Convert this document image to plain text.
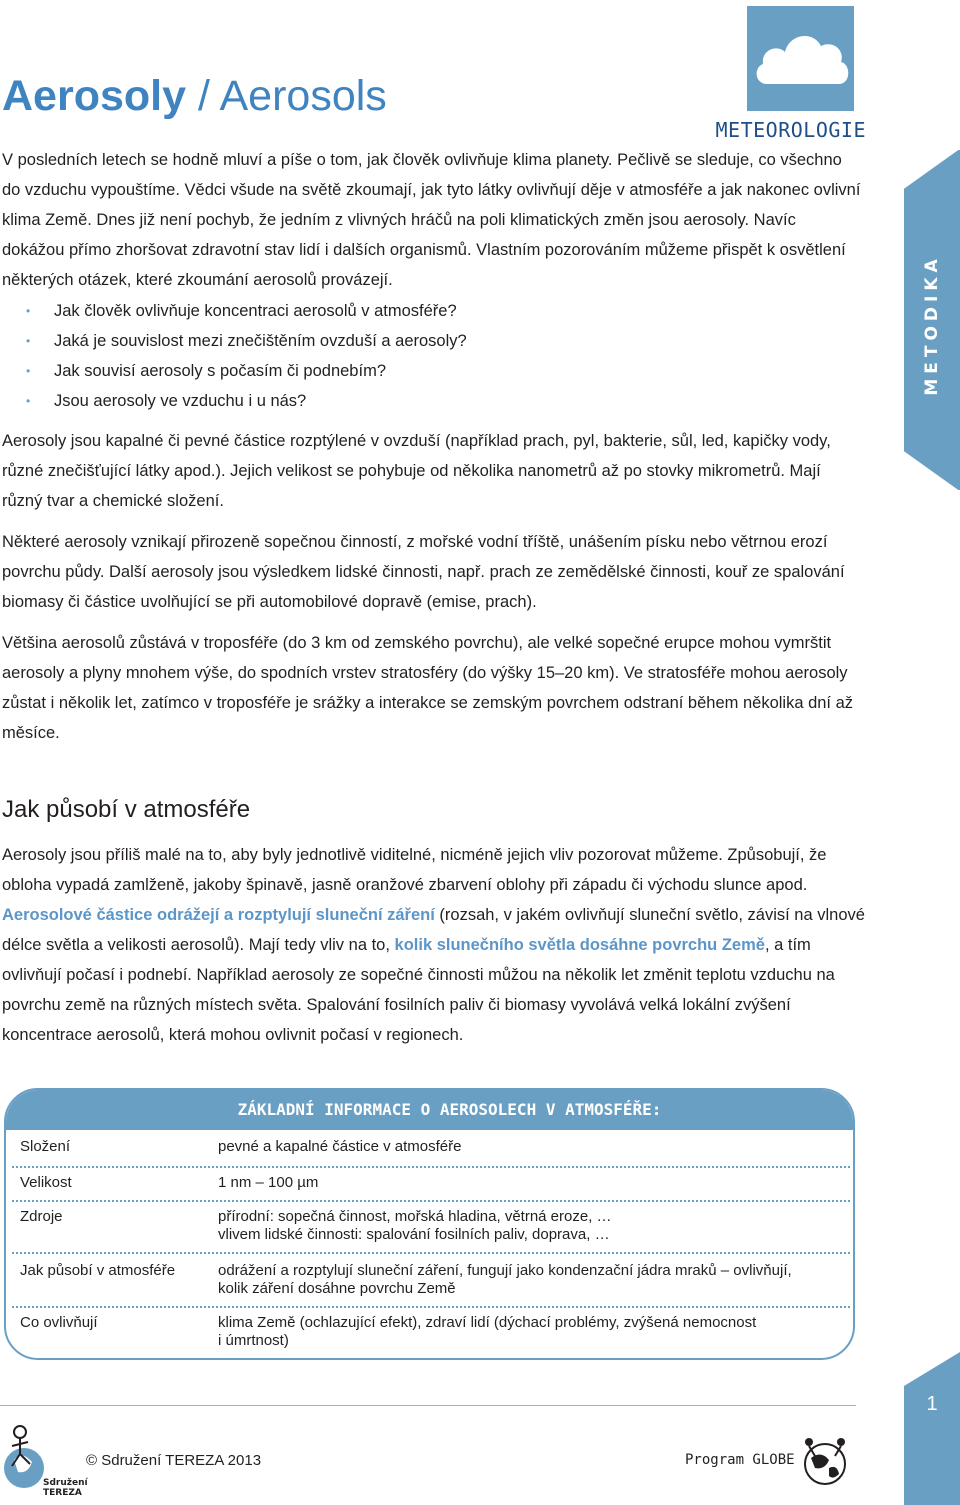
METEOROLOGIE
Aerosoly / Aerosols
METODIKA
V posledních letech se hodně mluví a píše o tom, jak člověk ovlivňuje klima planety. Pečlivě se sleduje, co všechno do vzduchu vypouštíme. Vědci všude na světě zkoumají, jak tyto látky ovlivňují děje v atmosféře a jak nakonec ovlivní klima Země. Dnes již není pochyb, že jedním z vlivných hráčů na poli klimatických změn jsou aerosoly. Navíc dokážou přímo zhoršovat zdravotní stav lidí i dalších organismů. Vlastním pozorováním můžeme přispět k osvětlení některých otázek, které zkoumání aerosolů provázejí.
• Jak člověk ovlivňuje koncentraci aerosolů v atmosféře?
• Jaká je souvislost mezi znečištěním ovzduší a aerosoly?
• Jak souvisí aerosoly s počasím či podnebím?
• Jsou aerosoly ve vzduchu i u nás?
Aerosoly jsou kapalné či pevné částice rozptýlené v ovzduší (například prach, pyl, bakterie, sůl, led, kapičky vody, různé znečišťující látky apod.). Jejich velikost se pohybuje od několika nanometrů až po stovky mikrometrů. Mají různý tvar a chemické složení.
Některé aerosoly vznikají přirozeně sopečnou činností, z mořské vodní tříště, unášením písku nebo větrnou erozí povrchu půdy. Další aerosoly jsou výsledkem lidské činnosti, např. prach ze zemědělské činnosti, kouř ze spalování biomasy či částice uvolňující se při automobilové dopravě (emise, prach).
Většina aerosolů zůstává v troposféře (do 3 km od zemského povrchu), ale velké sopečné erupce mohou vymrštit aerosoly a plyny mnohem výše, do spodních vrstev stratosféry (do výšky 15–20 km). Ve stratosféře mohou aerosoly zůstat i několik let, zatímco v troposféře je srážky a interakce se zemským povrchem odstraní během několika dní až měsíce.
Jak působí v atmosféře
Aerosoly jsou příliš malé na to, aby byly jednotlivě viditelné, nicméně jejich vliv pozorovat můžeme. Způsobují, že obloha vypadá zamlženě, jakoby špinavě, jasně oranžové zbarvení oblohy při západu či východu slunce apod. Aerosolové částice odrážejí a rozptylují sluneční záření (rozsah, v jakém ovlivňují sluneční světlo, závisí na vlnové délce světla a velikosti aerosolů). Mají tedy vliv na to, kolik slunečního světla dosáhne povrchu Země, a tím ovlivňují počasí i podnebí. Například aerosoly ze sopečné činnosti můžou na několik let změnit teplotu vzduchu na povrchu země na různých místech světa. Spalování fosilních paliv či biomasy vyvolává velká lokální zvýšení koncentrace aerosolů, která mohou ovlivnit počasí v regionech.
ZÁKLADNÍ INFORMACE O AEROSOLECH V ATMOSFÉŘE:
Složení	pevné a kapalné částice v atmosféře
Velikost	1 nm – 100 µm
Zdroje	přírodní: sopečná činnost, mořská hladina, větrná eroze, …
vlivem lidské činnosti: spalování fosilních paliv, doprava, …
Jak působí v atmosféře	odrážení a rozptylují sluneční záření, fungují jako kondenzační jádra mraků – ovlivňují,
kolik záření dosáhne povrchu Země
Co ovlivňují	klima Země (ochlazující efekt), zdraví lidí (dýchací problémy, zvýšená nemocnost
i úmrtnost)
1
Sdružení
TEREZA
© Sdružení TEREZA 2013	Program GLOBE
